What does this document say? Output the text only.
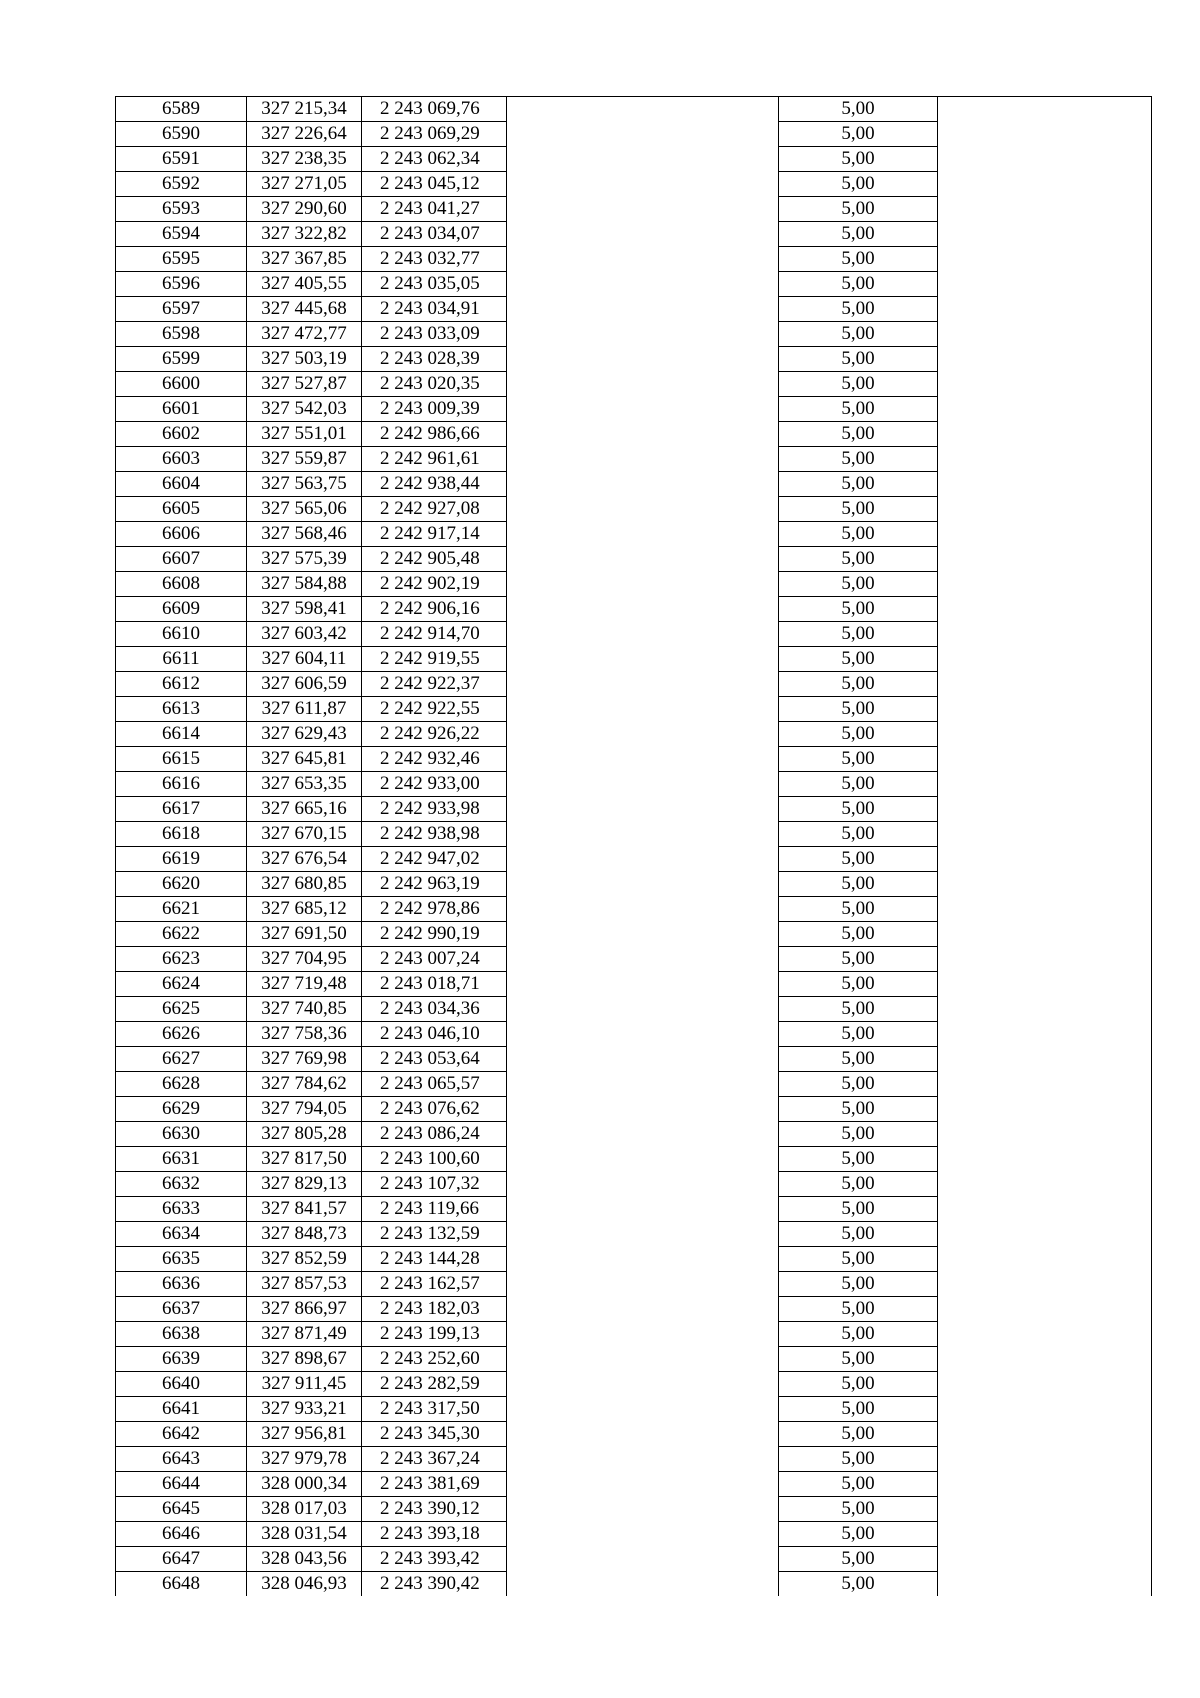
6589	327 215,34	2 243 069,76		5,00	
6590	327 226,64	2 243 069,29		5,00	
6591	327 238,35	2 243 062,34		5,00	
6592	327 271,05	2 243 045,12		5,00	
6593	327 290,60	2 243 041,27		5,00	
6594	327 322,82	2 243 034,07		5,00	
6595	327 367,85	2 243 032,77		5,00	
6596	327 405,55	2 243 035,05		5,00	
6597	327 445,68	2 243 034,91		5,00	
6598	327 472,77	2 243 033,09		5,00	
6599	327 503,19	2 243 028,39		5,00	
6600	327 527,87	2 243 020,35		5,00	
6601	327 542,03	2 243 009,39		5,00	
6602	327 551,01	2 242 986,66		5,00	
6603	327 559,87	2 242 961,61		5,00	
6604	327 563,75	2 242 938,44		5,00	
6605	327 565,06	2 242 927,08		5,00	
6606	327 568,46	2 242 917,14		5,00	
6607	327 575,39	2 242 905,48		5,00	
6608	327 584,88	2 242 902,19		5,00	
6609	327 598,41	2 242 906,16		5,00	
6610	327 603,42	2 242 914,70		5,00	
6611	327 604,11	2 242 919,55		5,00	
6612	327 606,59	2 242 922,37		5,00	
6613	327 611,87	2 242 922,55		5,00	
6614	327 629,43	2 242 926,22		5,00	
6615	327 645,81	2 242 932,46		5,00	
6616	327 653,35	2 242 933,00		5,00	
6617	327 665,16	2 242 933,98		5,00	
6618	327 670,15	2 242 938,98		5,00	
6619	327 676,54	2 242 947,02		5,00	
6620	327 680,85	2 242 963,19		5,00	
6621	327 685,12	2 242 978,86		5,00	
6622	327 691,50	2 242 990,19		5,00	
6623	327 704,95	2 243 007,24		5,00	
6624	327 719,48	2 243 018,71		5,00	
6625	327 740,85	2 243 034,36		5,00	
6626	327 758,36	2 243 046,10		5,00	
6627	327 769,98	2 243 053,64		5,00	
6628	327 784,62	2 243 065,57		5,00	
6629	327 794,05	2 243 076,62		5,00	
6630	327 805,28	2 243 086,24		5,00	
6631	327 817,50	2 243 100,60		5,00	
6632	327 829,13	2 243 107,32		5,00	
6633	327 841,57	2 243 119,66		5,00	
6634	327 848,73	2 243 132,59		5,00	
6635	327 852,59	2 243 144,28		5,00	
6636	327 857,53	2 243 162,57		5,00	
6637	327 866,97	2 243 182,03		5,00	
6638	327 871,49	2 243 199,13		5,00	
6639	327 898,67	2 243 252,60		5,00	
6640	327 911,45	2 243 282,59		5,00	
6641	327 933,21	2 243 317,50		5,00	
6642	327 956,81	2 243 345,30		5,00	
6643	327 979,78	2 243 367,24		5,00	
6644	328 000,34	2 243 381,69		5,00	
6645	328 017,03	2 243 390,12		5,00	
6646	328 031,54	2 243 393,18		5,00	
6647	328 043,56	2 243 393,42		5,00	
6648	328 046,93	2 243 390,42		5,00	
